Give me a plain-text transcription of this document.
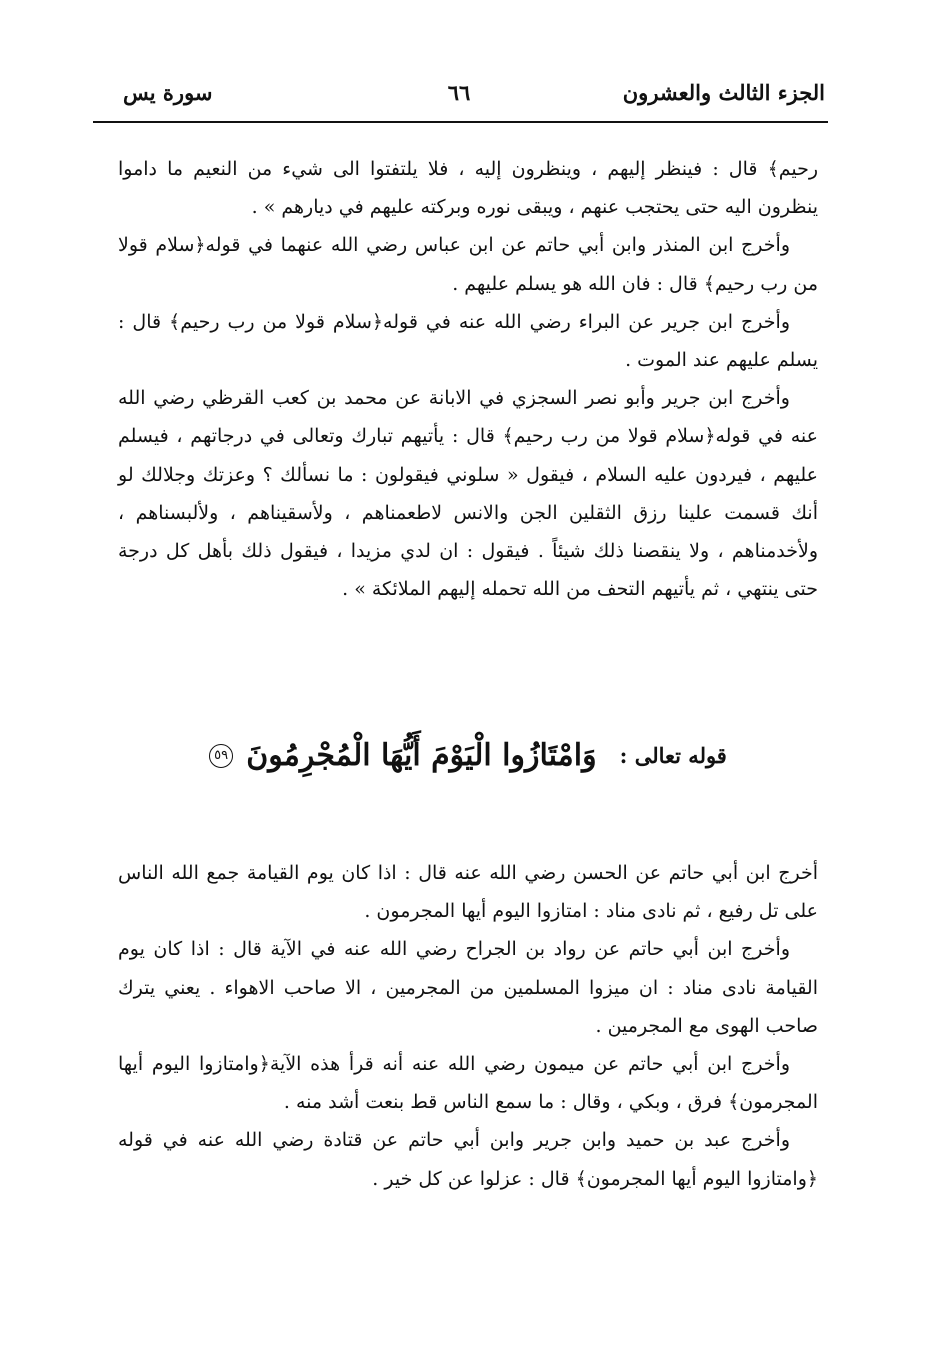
الجزء الثالث والعشرون
٦٦
سورة يس

رحيم﴾ قال : فينظر إليهم ، وينظرون إليه ، فلا يلتفتوا الى شيء من النعيم ما داموا ينظرون اليه حتى يحتجب عنهم ، ويبقى نوره وبركته عليهم في ديارهم » .

وأخرج ابن المنذر وابن أبي حاتم عن ابن عباس رضي الله عنهما في قوله﴿سلام قولا من رب رحيم﴾ قال : فان الله هو يسلم عليهم .

وأخرج ابن جرير عن البراء رضي الله عنه في قوله﴿سلام قولا من رب رحيم﴾ قال : يسلم عليهم عند الموت .

وأخرج ابن جرير وأبو نصر السجزي في الابانة عن محمد بن كعب القرظي رضي الله عنه في قوله﴿سلام قولا من رب رحيم﴾ قال : يأتيهم تبارك وتعالى في درجاتهم ، فيسلم عليهم ، فيردون عليه السلام ، فيقول « سلوني فيقولون : ما نسألك ؟ وعزتك وجلالك لو أنك قسمت علينا رزق الثقلين الجن والانس لاطعمناهم ، ولأسقيناهم ، ولألبسناهم ، ولأخدمناهم ، ولا ينقصنا ذلك شيئاً . فيقول : ان لدي مزيدا ، فيقول ذلك بأهل كل درجة حتى ينتهي ، ثم يأتيهم التحف من الله تحمله إليهم الملائكة » .

قوله تعالى : وَامْتَازُوا الْيَوْمَ أَيُّهَا الْمُجْرِمُونَ ٥٩

أخرج ابن أبي حاتم عن الحسن رضي الله عنه قال : اذا كان يوم القيامة جمع الله الناس على تل رفيع ، ثم نادى مناد : امتازوا اليوم أيها المجرمون .

وأخرج ابن أبي حاتم عن رواد بن الجراح رضي الله عنه في الآية قال : اذا كان يوم القيامة نادى مناد : ان ميزوا المسلمين من المجرمين ، الا صاحب الاهواء . يعني يترك صاحب الهوى مع المجرمين .

وأخرج ابن أبي حاتم عن ميمون رضي الله عنه أنه قرأ هذه الآية﴿وامتازوا اليوم أيها المجرمون﴾ فرق ، وبكي ، وقال : ما سمع الناس قط بنعت أشد منه .

وأخرج عبد بن حميد وابن جرير وابن أبي حاتم عن قتادة رضي الله عنه في قوله ﴿وامتازوا اليوم أيها المجرمون﴾ قال : عزلوا عن كل خير .
